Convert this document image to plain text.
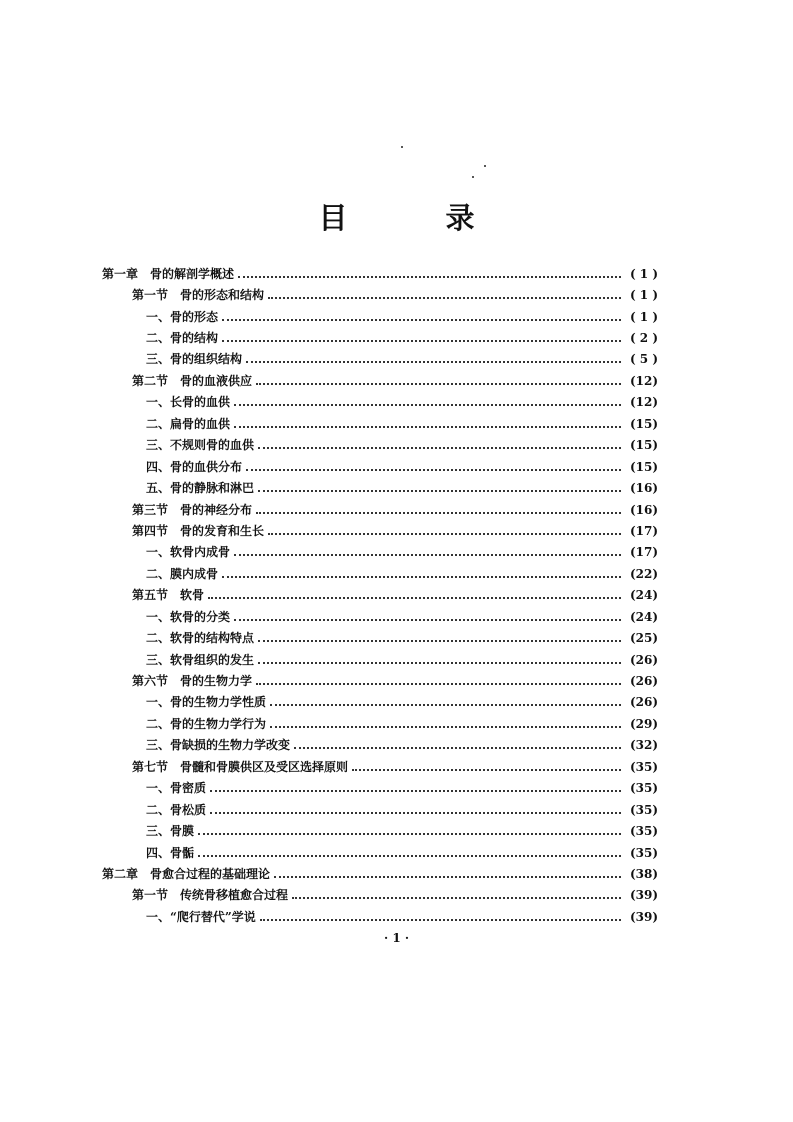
目 录
第一章　骨的解剖学概述	( 1 )
第一节　骨的形态和结构	( 1 )
一、骨的形态	( 1 )
二、骨的结构	( 2 )
三、骨的组织结构	( 5 )
第二节　骨的血液供应	(12)
一、长骨的血供	(12)
二、扁骨的血供	(15)
三、不规则骨的血供	(15)
四、骨的血供分布	(15)
五、骨的静脉和淋巴	(16)
第三节　骨的神经分布	(16)
第四节　骨的发育和生长	(17)
一、软骨内成骨	(17)
二、膜内成骨	(22)
第五节　软骨	(24)
一、软骨的分类	(24)
二、软骨的结构特点	(25)
三、软骨组织的发生	(26)
第六节　骨的生物力学	(26)
一、骨的生物力学性质	(26)
二、骨的生物力学行为	(29)
三、骨缺损的生物力学改变	(32)
第七节　骨髓和骨膜供区及受区选择原则	(35)
一、骨密质	(35)
二、骨松质	(35)
三、骨膜	(35)
四、骨骺	(35)
第二章　骨愈合过程的基础理论	(38)
第一节　传统骨移植愈合过程	(39)
一、“爬行替代”学说	(39)
· 1 ·
